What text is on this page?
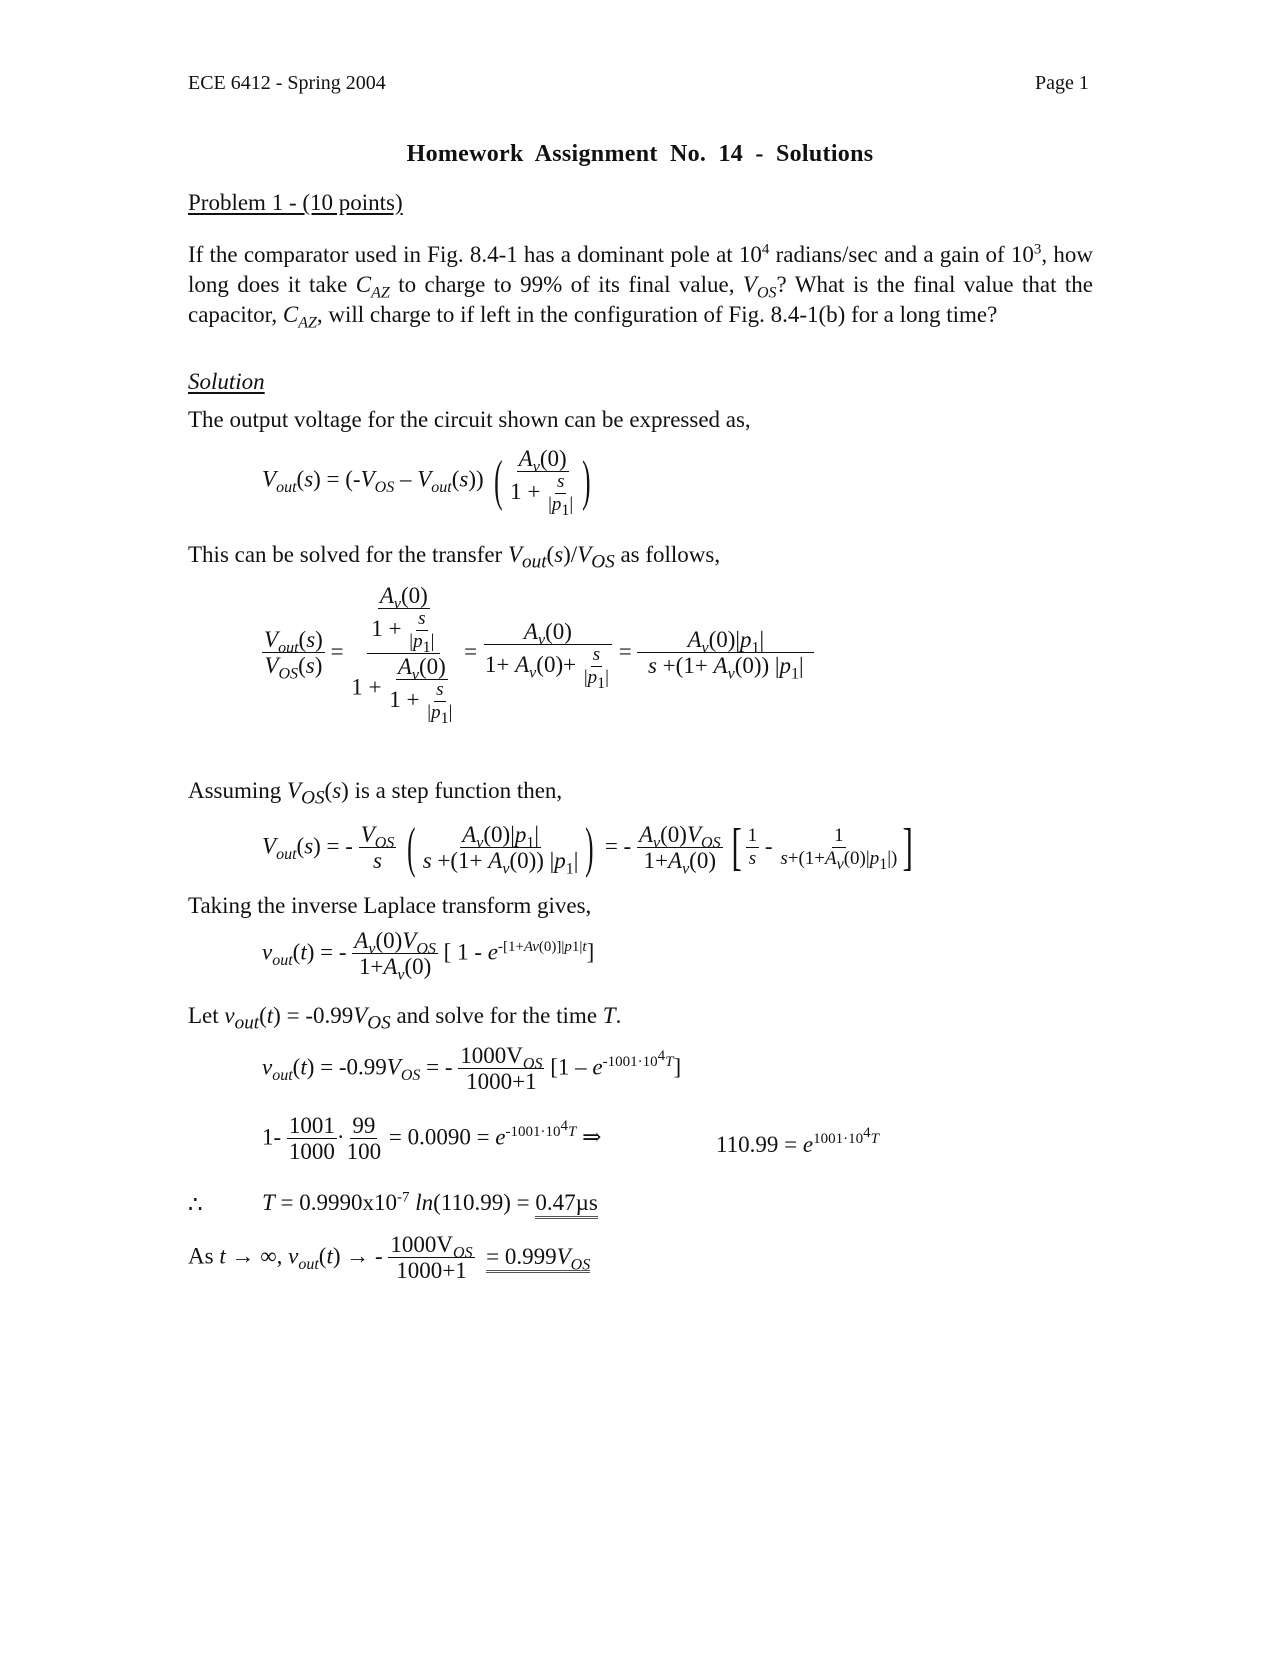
ECE 6412 - Spring 2004	Page 1
Homework Assignment No. 14 - Solutions
Problem 1 - (10 points)
If the comparator used in Fig. 8.4-1 has a dominant pole at $10^4$ radians/sec and a gain of $10^3$, how long does it take $C_{AZ}$ to charge to 99% of its final value, $V_{OS}$? What is the final value that the capacitor, $C_{AZ}$, will charge to if left in the configuration of Fig. 8.4-1(b) for a long time?
Solution
The output voltage for the circuit shown can be expressed as,
$V_{out}(s) = (-V_{OS} - V_{out}(s))$ ( $\frac{A_v(0)}{1 + \frac{s}{|p_1|}}$ )
This can be solved for the transfer $V_{out}(s)/V_{OS}$ as follows,
$V_{out}(s)$
$V_{OS}(s)$
= $\frac{\frac{A_v(0)}{1 + \frac{s}{|p_1|}}}{1 + \frac{A_v(0)}{1 + \frac{s}{|p_1|}}} = \frac{A_v(0)}{1+ A_v(0)+ \frac{s}{|p_1|}} = \frac{A_v(0)|p_1|}{s +(1+ A_v(0)) |p_1|}$
Assuming $V_{OS}(s)$ is a step function then,
$V_{out}(s)$ = - $V_{OS}$
s ( $\frac{A_v(0)|p_1|}{s +(1+ A_v(0)) |p_1|}$ ) = - $A_v(0)V_{OS}$
$1+A_v(0)$ [ $\frac{1}{s} - \frac{1}{s+(1+A_v(0)|p_1|)}$ ]
Taking the inverse Laplace transform gives,
$v_{out}(t)$ = - $A_v(0)V_{OS}$
$1+A_v(0)$
[ $1 - e^{-[1+Av(0)]|p1|t}$]
Let $v_{out}(t) = -0.99V_{OS}$ and solve for the time T.
$v_{out}(t) = -0.99V_{OS}$ = - $1000V_{OS}$
1000+1
$[1 - e^{-1001\cdot 10^4T}]$
$1- \frac{1001}{1000} \cdot \frac{99}{100} = 0.0090 = e^{-1001\cdot 10^4T}$ ⇒	$110.99 = e^{1001\cdot 10^4T}$
∴	$T = 0.9990x10^{-7}$ ln(110.99) = 0.47µs
As t → ∞, $v_{out}(t)$ → - $1000V_{OS}$
1000+1
= $0.999V_{OS}$
